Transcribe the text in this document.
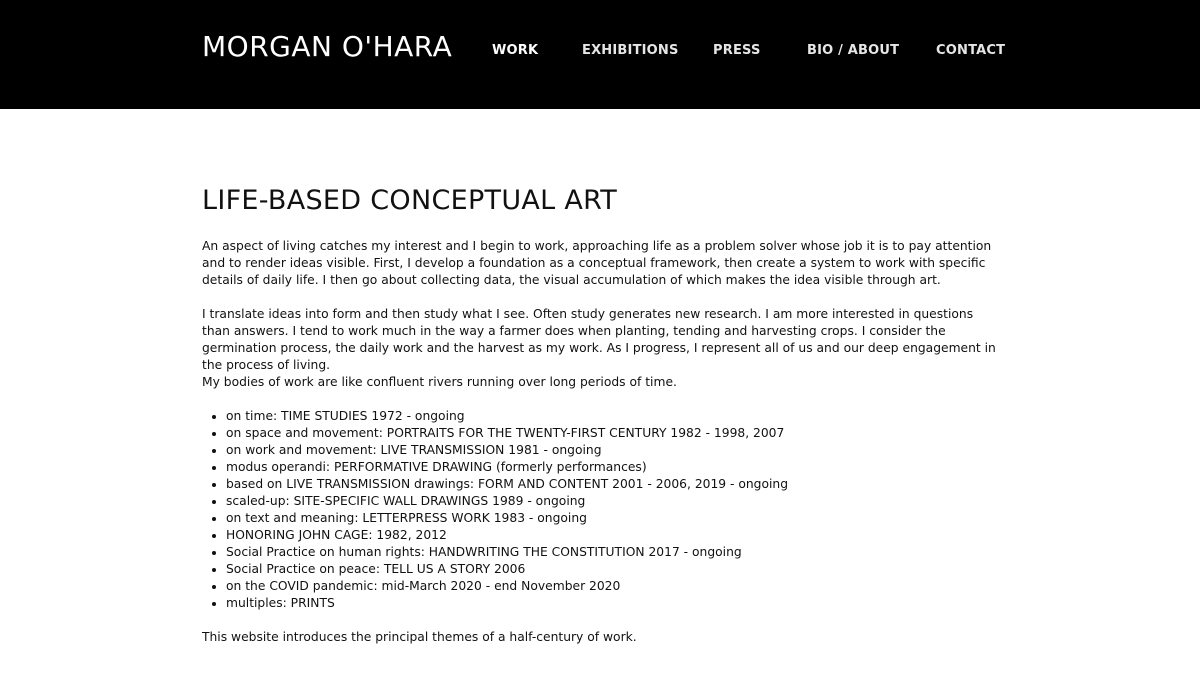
MORGAN O'HARA	WORK	EXHIBITIONS	PRESS	BIO / ABOUT	CONTACT
LIFE-BASED CONCEPTUAL ART

An aspect of living catches my interest and I begin to work, approaching life as a problem solver whose job it is to pay attention and to render ideas visible. First, I develop a foundation as a conceptual framework, then create a system to work with specific details of daily life. I then go about collecting data, the visual accumulation of which makes the idea visible through art.

I translate ideas into form and then study what I see. Often study generates new research. I am more interested in questions than answers. I tend to work much in the way a farmer does when planting, tending and harvesting crops. I consider the germination process, the daily work and the harvest as my work. As I progress, I represent all of us and our deep engagement in the process of living.

My bodies of work are like confluent rivers running over long periods of time.

• on time: TIME STUDIES 1972 - ongoing
• on space and movement: PORTRAITS FOR THE TWENTY-FIRST CENTURY 1982 - 1998, 2007
• on work and movement: LIVE TRANSMISSION 1981 - ongoing
• modus operandi: PERFORMATIVE DRAWING (formerly performances)
• based on LIVE TRANSMISSION drawings: FORM AND CONTENT 2001 - 2006, 2019 - ongoing
• scaled-up: SITE-SPECIFIC WALL DRAWINGS 1989 - ongoing
• on text and meaning: LETTERPRESS WORK 1983 - ongoing
• HONORING JOHN CAGE: 1982, 2012
• Social Practice on human rights: HANDWRITING THE CONSTITUTION 2017 - ongoing
• Social Practice on peace: TELL US A STORY 2006
• on the COVID pandemic: mid-March 2020 - end November 2020
• multiples: PRINTS

This website introduces the principal themes of a half-century of work.
